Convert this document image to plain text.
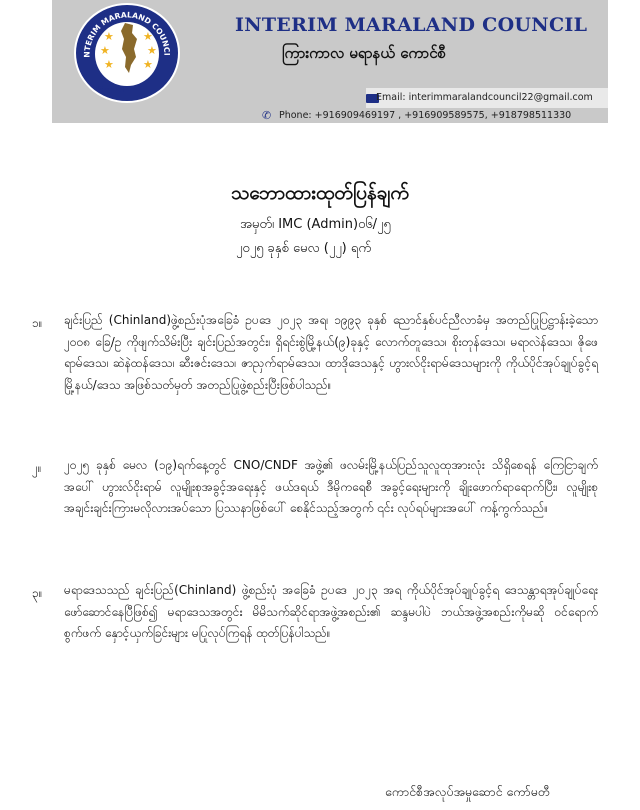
NTERIM MARALAND COUNCI
★
★
★
★
★
★
ကြားကာလ မရာနယ် ကောင်စီ
INTERIM MARALAND COUNCIL
ကြားကာလ မရာနယ် ကောင်စီ
Email: interimmaralandcouncil22@gmail.com
✆ Phone: +916909469197 , +916909589575, +918798511330
သဘောထားထုတ်ပြန်ချက်
အမှတ်၊ IMC (Admin)၀၆/၂၅
၂၀၂၅ ခုနှစ် မေလ (၂၂) ရက်
၁။ ချင်းပြည် (Chinland)ဖွဲ့စည်းပုံအခြေခံ ဥပဒေ ၂၀၂၃ အရ၊ ၁၉၉၃ ခုနှစ် ညောင်နှစ်ပင်ညီလာခံမှ အတည်ပြုပြဋ္ဌာန်းခဲ့သော ၂၀၀၈ ခြေ/ဥ ကိုဖျက်သိမ်းပြီး ချင်းပြည်အတွင်း၊ ရှိရင်းစွဲမြို့နယ်(၉)ခုနှင့် လောက်တူဒေသ၊ စိုးတုန်ဒေသ၊ မရာလဲန်ဒေသ၊ ဇိုဖေရာမ်ဒေသ၊ ဆဲနဲထန်ဒေသ၊ ဆီးဇင်းဒေသ၊ ဇာညှက်ရာမ်ဒေသ၊ ထာဒိုဒေသနှင့် ဟွားလ်ငိုးရာမ်ဒေသများကို ကိုယ်ပိုင်အုပ်ချုပ်ခွင့်ရ မြို့နယ်/ဒေသ အဖြစ်သတ်မှတ် အတည်ပြုဖွဲ့စည်းပြီးဖြစ်ပါသည်။
၂။ ၂၀၂၅ ခုနှစ် မေလ (၁၉)ရက်နေ့တွင် CNO/CNDF အဖွဲ့၏ ဖလမ်းမြို့နယ်ပြည်သူလူထုအားလုံး သိရှိစေရန် ကြေငြာချက်အပေါ် ဟွားလ်ငိုးရာမ် လူမျိုးစုအခွင့်အရေးနှင့် ဖယ်ဒရယ် ဒီမိုကရေစီ အခွင့်ရေးများကို ချိုးဖောက်ရာရောက်ပြီး၊ လူမျိုးစု အချင်းချင်းကြားမလိုလားအပ်သော ပြဿနာဖြစ်ပေါ် စေနိုင်သည့်အတွက် ၎င်း လုပ်ရပ်များအပေါ် ကန့်ကွက်သည်။
၃။ မရာဒေသသည် ချင်းပြည်(Chinland) ဖွဲ့စည်းပုံ အခြေခံ ဥပဒေ ၂၀၂၃ အရ ကိုယ်ပိုင်အုပ်ချုပ်ခွင့်ရ ဒေသန္တာရအုပ်ချုပ်ရေး ဖော်ဆောင်နေပြီဖြစ်၍ မရာဒေသအတွင်း မိမိသက်ဆိုင်ရာအဖွဲ့အစည်း၏ ဆန္ဒမပါပဲ ဘယ်အဖွဲ့အစည်းကိုမဆို ဝင်ရောက်စွက်ဖက် နှောင့်ယှက်ခြင်းများ မပြုလုပ်ကြရန် ထုတ်ပြန်ပါသည်။
ကောင်စီအလုပ်အမှုဆောင် ကော်မတီ
